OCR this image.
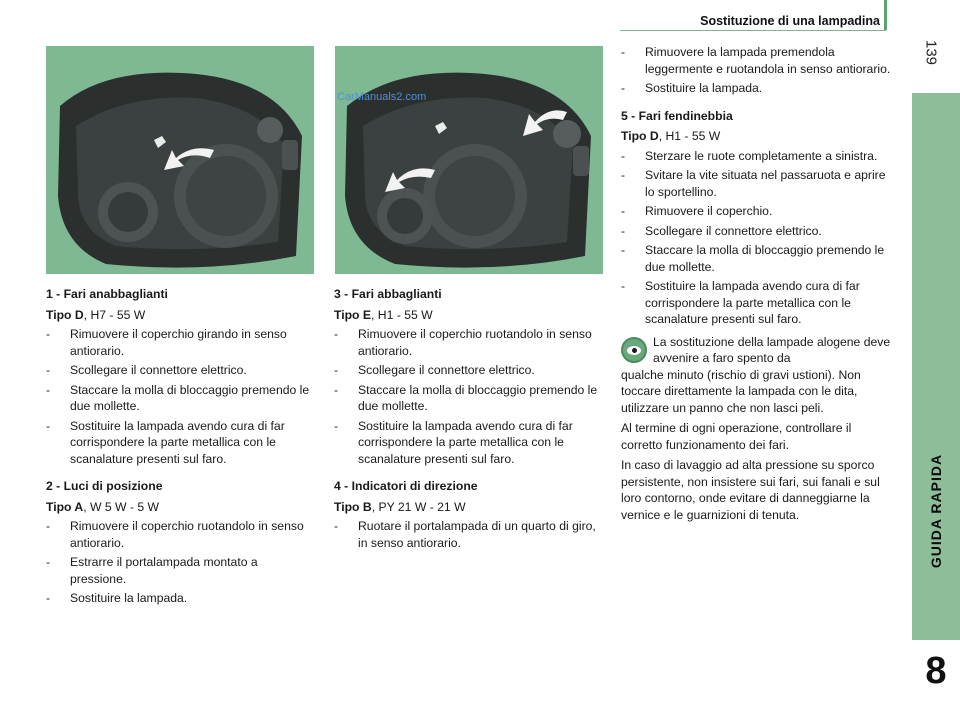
Sostituzione di una lampadina
139
GUIDA RAPIDA
8
CarManuals2.com
1 - Fari anabbaglianti
Tipo D, H7 - 55 W
- Rimuovere il coperchio girando in senso antiorario.
- Scollegare il connettore elettrico.
- Staccare la molla di bloccaggio premendo le due mollette.
- Sostituire la lampada avendo cura di far corrispondere la parte metallica con le scanalature presenti sul faro.
2 - Luci di posizione
Tipo A, W 5 W - 5 W
- Rimuovere il coperchio ruotandolo in senso antiorario.
- Estrarre il portalampada montato a pressione.
- Sostituire la lampada.
3 - Fari abbaglianti
Tipo E, H1 - 55 W
- Rimuovere il coperchio ruotandolo in senso antiorario.
- Scollegare il connettore elettrico.
- Staccare la molla di bloccaggio premendo le due mollette.
- Sostituire la lampada avendo cura di far corrispondere la parte metallica con le scanalature presenti sul faro.
4 - Indicatori di direzione
Tipo B, PY 21 W - 21 W
- Ruotare il portalampada di un quarto di giro, in senso antiorario.
- Rimuovere la lampada premendola leggermente e ruotandola in senso antiorario.
- Sostituire la lampada.
5 - Fari fendinebbia
Tipo D, H1 - 55 W
- Sterzare le ruote completamente a sinistra.
- Svitare la vite situata nel passaruota e aprire lo sportellino.
- Rimuovere il coperchio.
- Scollegare il connettore elettrico.
- Staccare la molla di bloccaggio premendo le due mollette.
- Sostituire la lampada avendo cura di far corrispondere la parte metallica con le scanalature presenti sul faro.
La sostituzione della lampade alogene deve avvenire a faro spento da
qualche minuto (rischio di gravi ustioni). Non toccare direttamente la lampada con le dita, utilizzare un panno che non lasci peli.
Al termine di ogni operazione, controllare il corretto funzionamento dei fari.
In caso di lavaggio ad alta pressione su sporco persistente, non insistere sui fari, sui fanali e sul loro contorno, onde evitare di danneggiarne la vernice e le guarnizioni di tenuta.
